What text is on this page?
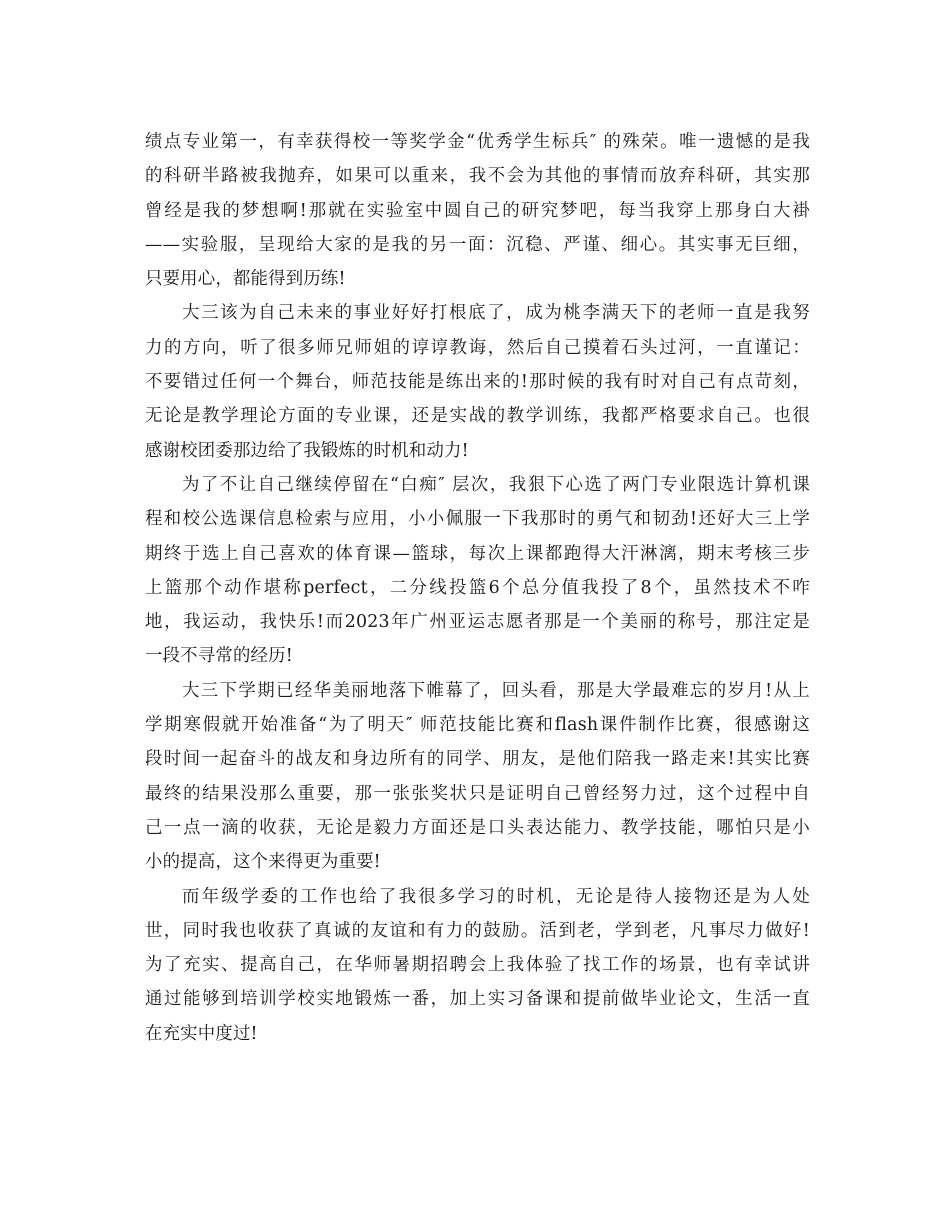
绩点专业第一，有幸获得校一等奖学金“优秀学生标兵″ 的殊荣。唯一遗憾的是我
的科研半路被我抛弃，如果可以重来，我不会为其他的事情而放弃科研，其实那
曾经是我的梦想啊!那就在实验室中圆自己的研究梦吧，每当我穿上那身白大褂
——实验服，呈现给大家的是我的另一面：沉稳、严谨、细心。其实事无巨细，
只要用心，都能得到历练!
大三该为自己未来的事业好好打根底了，成为桃李满天下的老师一直是我努
力的方向，听了很多师兄师姐的谆谆教诲，然后自己摸着石头过河，一直谨记：
不要错过任何一个舞台，师范技能是练出来的!那时候的我有时对自己有点苛刻，
无论是教学理论方面的专业课，还是实战的教学训练，我都严格要求自己。也很
感谢校团委那边给了我锻炼的时机和动力!
为了不让自己继续停留在“白痴″ 层次，我狠下心选了两门专业限选计算机课
程和校公选课信息检索与应用，小小佩服一下我那时的勇气和韧劲!还好大三上学
期终于选上自己喜欢的体育课—篮球，每次上课都跑得大汗淋漓，期末考核三步
上篮那个动作堪称perfect，二分线投篮6个总分值我投了8个，虽然技术不咋
地，我运动，我快乐!而2023年广州亚运志愿者那是一个美丽的称号，那注定是
一段不寻常的经历!
大三下学期已经华美丽地落下帷幕了，回头看，那是大学最难忘的岁月!从上
学期寒假就开始准备“为了明天″ 师范技能比赛和flash课件制作比赛，很感谢这
段时间一起奋斗的战友和身边所有的同学、朋友，是他们陪我一路走来!其实比赛
最终的结果没那么重要，那一张张奖状只是证明自己曾经努力过，这个过程中自
己一点一滴的收获，无论是毅力方面还是口头表达能力、教学技能，哪怕只是小
小的提高，这个来得更为重要!
而年级学委的工作也给了我很多学习的时机，无论是待人接物还是为人处
世，同时我也收获了真诚的友谊和有力的鼓励。活到老，学到老，凡事尽力做好!
为了充实、提高自己，在华师暑期招聘会上我体验了找工作的场景，也有幸试讲
通过能够到培训学校实地锻炼一番，加上实习备课和提前做毕业论文，生活一直
在充实中度过!
